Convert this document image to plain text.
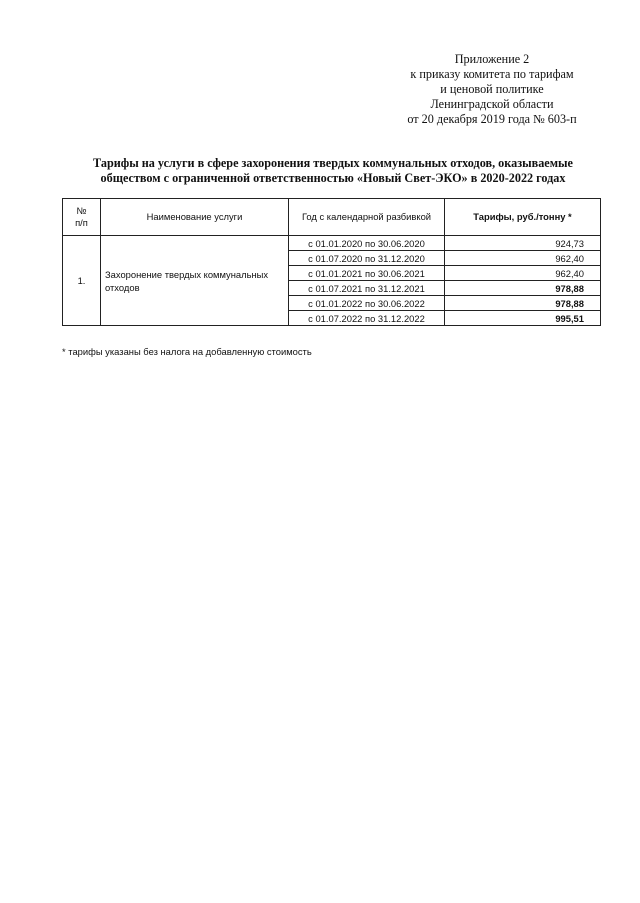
Приложение 2
к приказу комитета по тарифам
и ценовой политике
Ленинградской области
от 20 декабря 2019 года № 603-п
Тарифы на услуги в сфере захоронения твердых коммунальных отходов, оказываемые
обществом с ограниченной ответственностью «Новый Свет-ЭКО» в 2020-2022 годах
№
п/п	Наименование услуги	Год с календарной разбивкой	Тарифы, руб./тонну *
1.	Захоронение твердых коммунальных отходов	с 01.01.2020 по 30.06.2020	924,73
		с 01.07.2020 по 31.12.2020	962,40
		с 01.01.2021 по 30.06.2021	962,40
		с 01.07.2021 по 31.12.2021	978,88
		с 01.01.2022 по 30.06.2022	978,88
		с 01.07.2022 по 31.12.2022	995,51
* тарифы указаны без налога на добавленную стоимость
